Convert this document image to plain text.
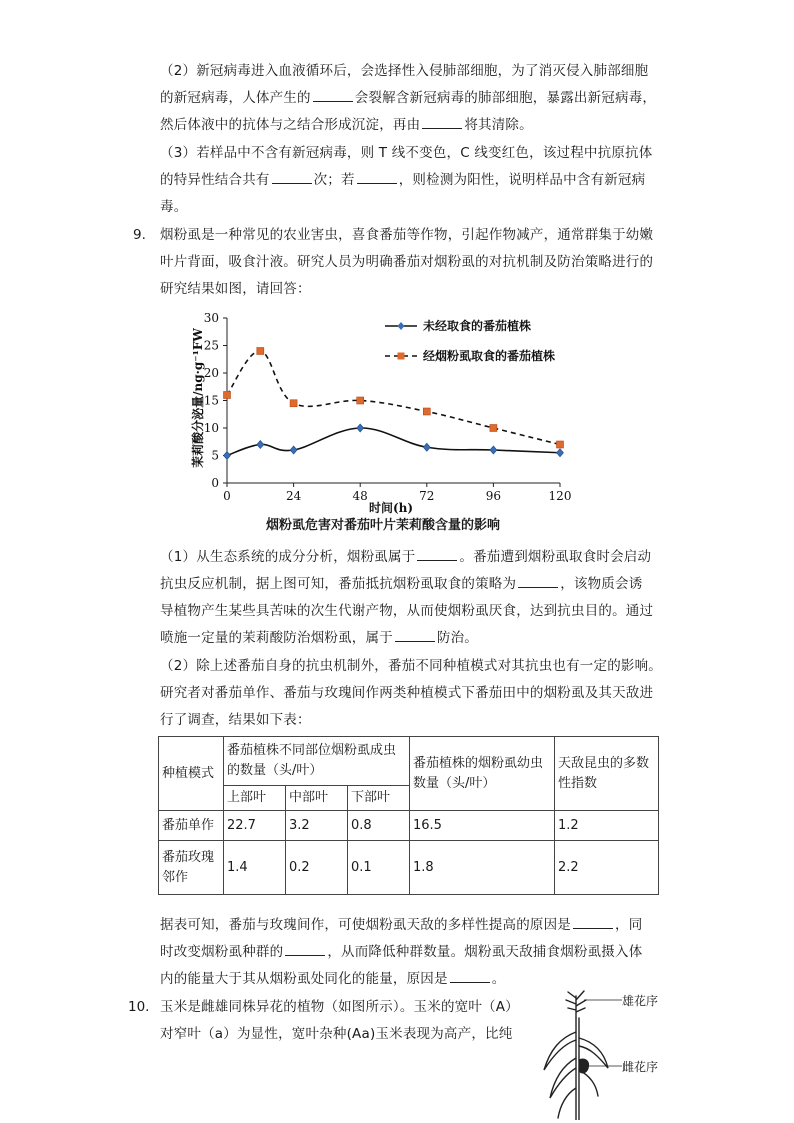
（2）新冠病毒进入血液循环后，会选择性入侵肺部细胞，为了消灭侵入肺部细胞
的新冠病毒，人体产生的	会裂解含新冠病毒的肺部细胞，暴露出新冠病毒，
然后体液中的抗体与之结合形成沉淀，再由	将其清除。
（3）若样品中不含有新冠病毒，则 T 线不变色，C 线变红色，该过程中抗原抗体
的特异性结合共有	次；若	，则检测为阳性，说明样品中含有新冠病
毒。
9. 烟粉虱是一种常见的农业害虫，喜食番茄等作物，引起作物减产，通常群集于幼嫩
叶片背面，吸食汁液。研究人员为明确番茄对烟粉虱的对抗机制及防治策略进行的
研究结果如图，请回答：
0
5
10
15
20
25
30
0	24	48	72	96	120
未经取食的番茄植株
经烟粉虱取食的番茄植株
茉莉酸分泌量/ng·g⁻¹FW
时间(h)
烟粉虱危害对番茄叶片茉莉酸含量的影响
（1）从生态系统的成分分析，烟粉虱属于	。番茄遭到烟粉虱取食时会启动
抗虫反应机制，据上图可知，番茄抵抗烟粉虱取食的策略为	，该物质会诱
导植物产生某些具苦味的次生代谢产物，从而使烟粉虱厌食，达到抗虫目的。通过
喷施一定量的茉莉酸防治烟粉虱，属于	防治。
（2）除上述番茄自身的抗虫机制外，番茄不同种植模式对其抗虫也有一定的影响。
研究者对番茄单作、番茄与玫瑰间作两类种植模式下番茄田中的烟粉虱及其天敌进
行了调查，结果如下表：
种植模式	番茄植株不同部位烟粉虱成虫
的数量（头/叶）			番茄植株的烟粉虱幼虫
数量（头/叶）	天敌昆虫的多数
性指数
	上部叶	中部叶	下部叶		
番茄单作	22.7	3.2	0.8	16.5	1.2
番茄玫瑰
邻作	1.4	0.2	0.1	1.8	2.2
据表可知，番茄与玫瑰间作，可使烟粉虱天敌的多样性提高的原因是	，同
时改变烟粉虱种群的	，从而降低种群数量。烟粉虱天敌捕食烟粉虱摄入体
内的能量大于其从烟粉虱处同化的能量，原因是	。
10. 玉米是雌雄同株异花的植物（如图所示）。玉米的宽叶（A）
对窄叶（a）为显性，宽叶杂种(Aa)玉米表现为高产，比纯
雄花序
雌花序
